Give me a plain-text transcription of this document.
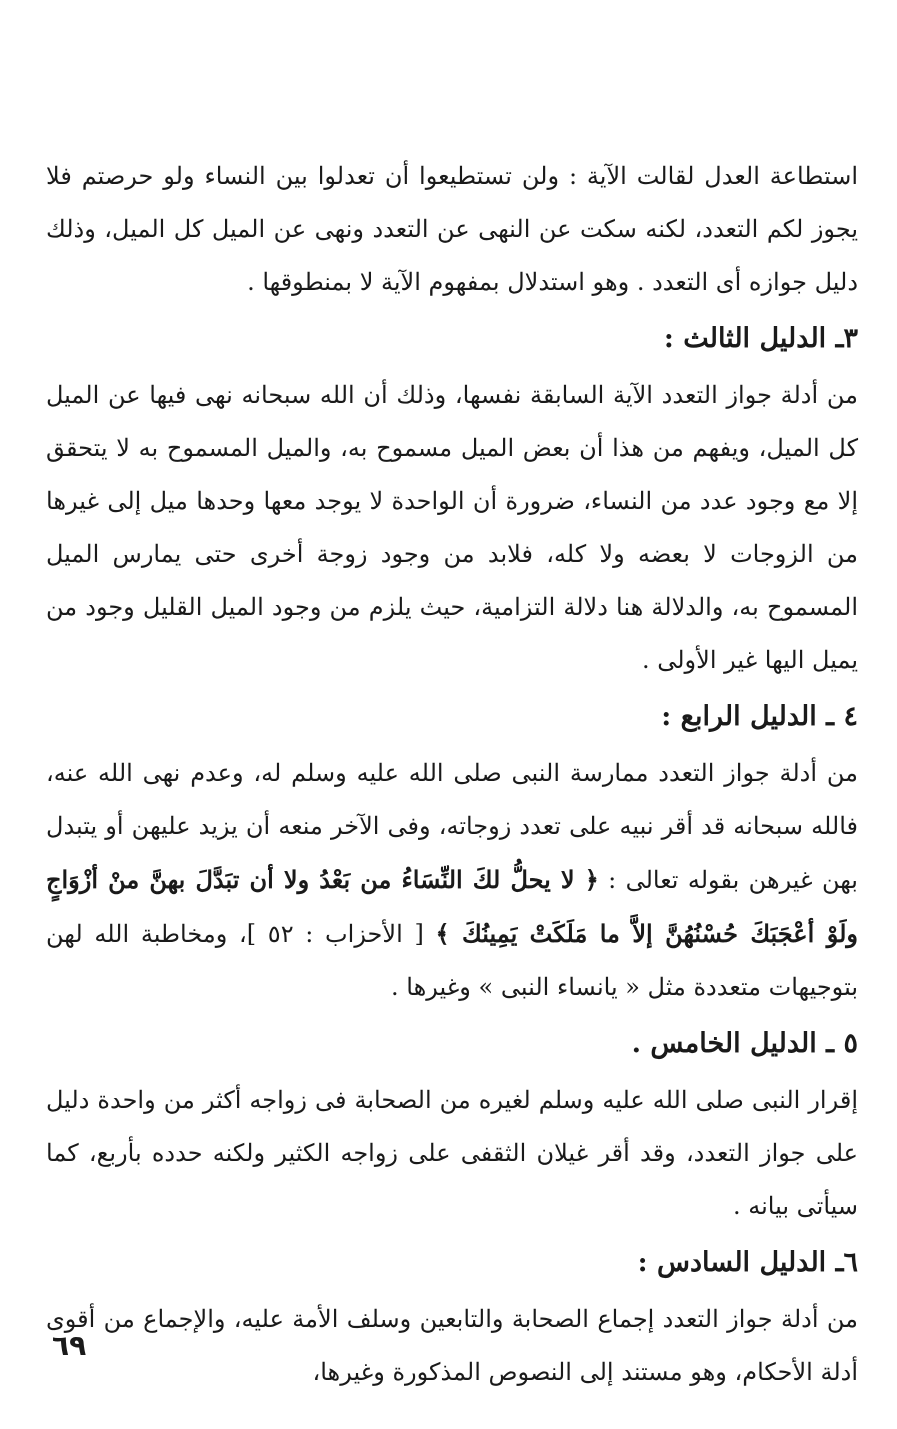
استطاعة العدل لقالت الآية : ولن تستطيعوا أن تعدلوا بين النساء ولو حرصتم فلا يجوز لكم التعدد، لكنه سكت عن النهى عن التعدد ونهى عن الميل كل الميل، وذلك دليل جوازه أى التعدد . وهو استدلال بمفهوم الآية لا بمنطوقها .

٣ـ الدليل الثالث :

من أدلة جواز التعدد الآية السابقة نفسها، وذلك أن الله سبحانه نهى فيها عن الميل كل الميل، ويفهم من هذا أن بعض الميل مسموح به، والميل المسموح به لا يتحقق إلا مع وجود عدد من النساء، ضرورة أن الواحدة لا يوجد معها وحدها ميل إلى غيرها من الزوجات لا بعضه ولا كله، فلابد من وجود زوجة أخرى حتى يمارس الميل المسموح به، والدلالة هنا دلالة التزامية، حيث يلزم من وجود الميل القليل وجود من يميل اليها غير الأولى .

٤ ـ الدليل الرابع :

من أدلة جواز التعدد ممارسة النبى صلى الله عليه وسلم له، وعدم نهى الله عنه، فالله سبحانه قد أقر نبيه على تعدد زوجاته، وفى الآخر منعه أن يزيد عليهن أو يتبدل بهن غيرهن بقوله تعالى : ﴿ لا يحلُّ لكَ النِّسَاءُ من بَعْدُ ولا أن تبَدَّلَ بهنَّ منْ أزْوَاجٍ ولَوْ أعْجَبَكَ حُسْنُهُنَّ إلاَّ ما مَلَكَتْ يَمِينُكَ ﴾ [ الأحزاب : ٥٢ ]، ومخاطبة الله لهن بتوجيهات متعددة مثل « يانساء النبى » وغيرها .

٥ ـ الدليل الخامس .

إقرار النبى صلى الله عليه وسلم لغيره من الصحابة فى زواجه أكثر من واحدة دليل على جواز التعدد، وقد أقر غيلان الثقفى على زواجه الكثير ولكنه حدده بأربع، كما سيأتى بيانه .

٦ـ الدليل السادس :

من أدلة جواز التعدد إجماع الصحابة والتابعين وسلف الأمة عليه، والإجماع من أقوى أدلة الأحكام، وهو مستند إلى النصوص المذكورة وغيرها،

٦٩
